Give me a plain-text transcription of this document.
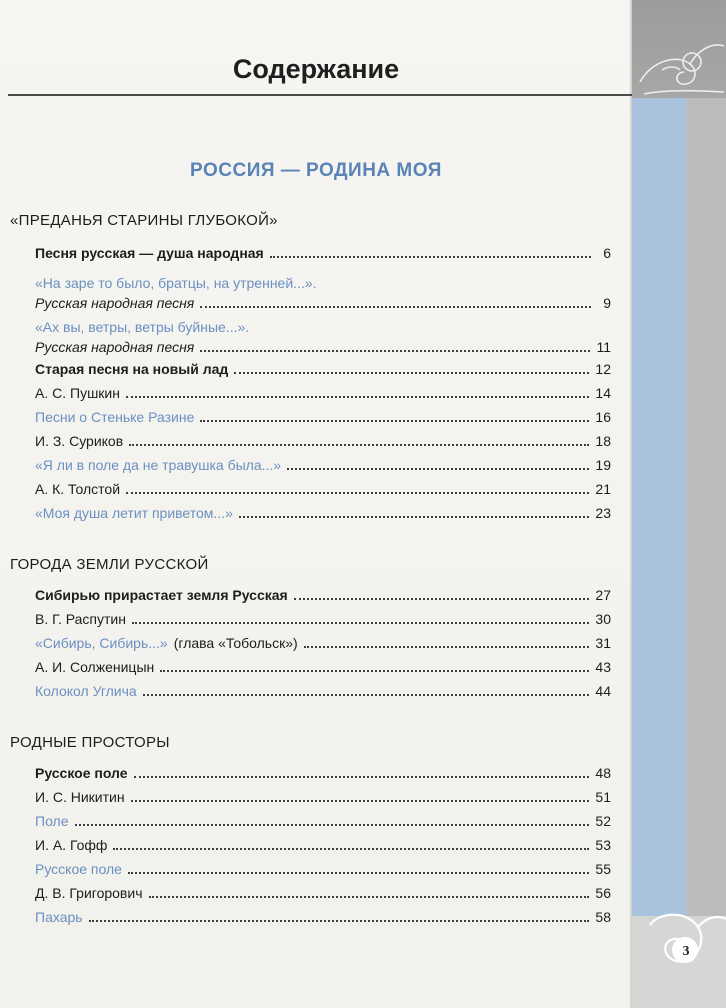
3
Содержание
РОССИЯ — РОДИНА МОЯ
«ПРЕДАНЬЯ СТАРИНЫ ГЛУБОКОЙ»
Песня русская — душа народная	6
«На заре то было, братцы, на утренней...».
Русская народная песня	9
«Ах вы, ветры, ветры буйные...».
Русская народная песня	11
Старая песня на новый лад	12
А. С. Пушкин	14
Песни о Стеньке Разине	16
И. З. Суриков	18
«Я ли в поле да не травушка была...»	19
А. К. Толстой	21
«Моя душа летит приветом...»	23
ГОРОДА ЗЕМЛИ РУССКОЙ
Сибирью прирастает земля Русская	27
В. Г. Распутин	30
«Сибирь, Сибирь...» (глава «Тобольск»)	31
А. И. Солженицын	43
Колокол Углича	44
РОДНЫЕ ПРОСТОРЫ
Русское поле	48
И. С. Никитин	51
Поле	52
И. А. Гофф	53
Русское поле	55
Д. В. Григорович	56
Пахарь	58
